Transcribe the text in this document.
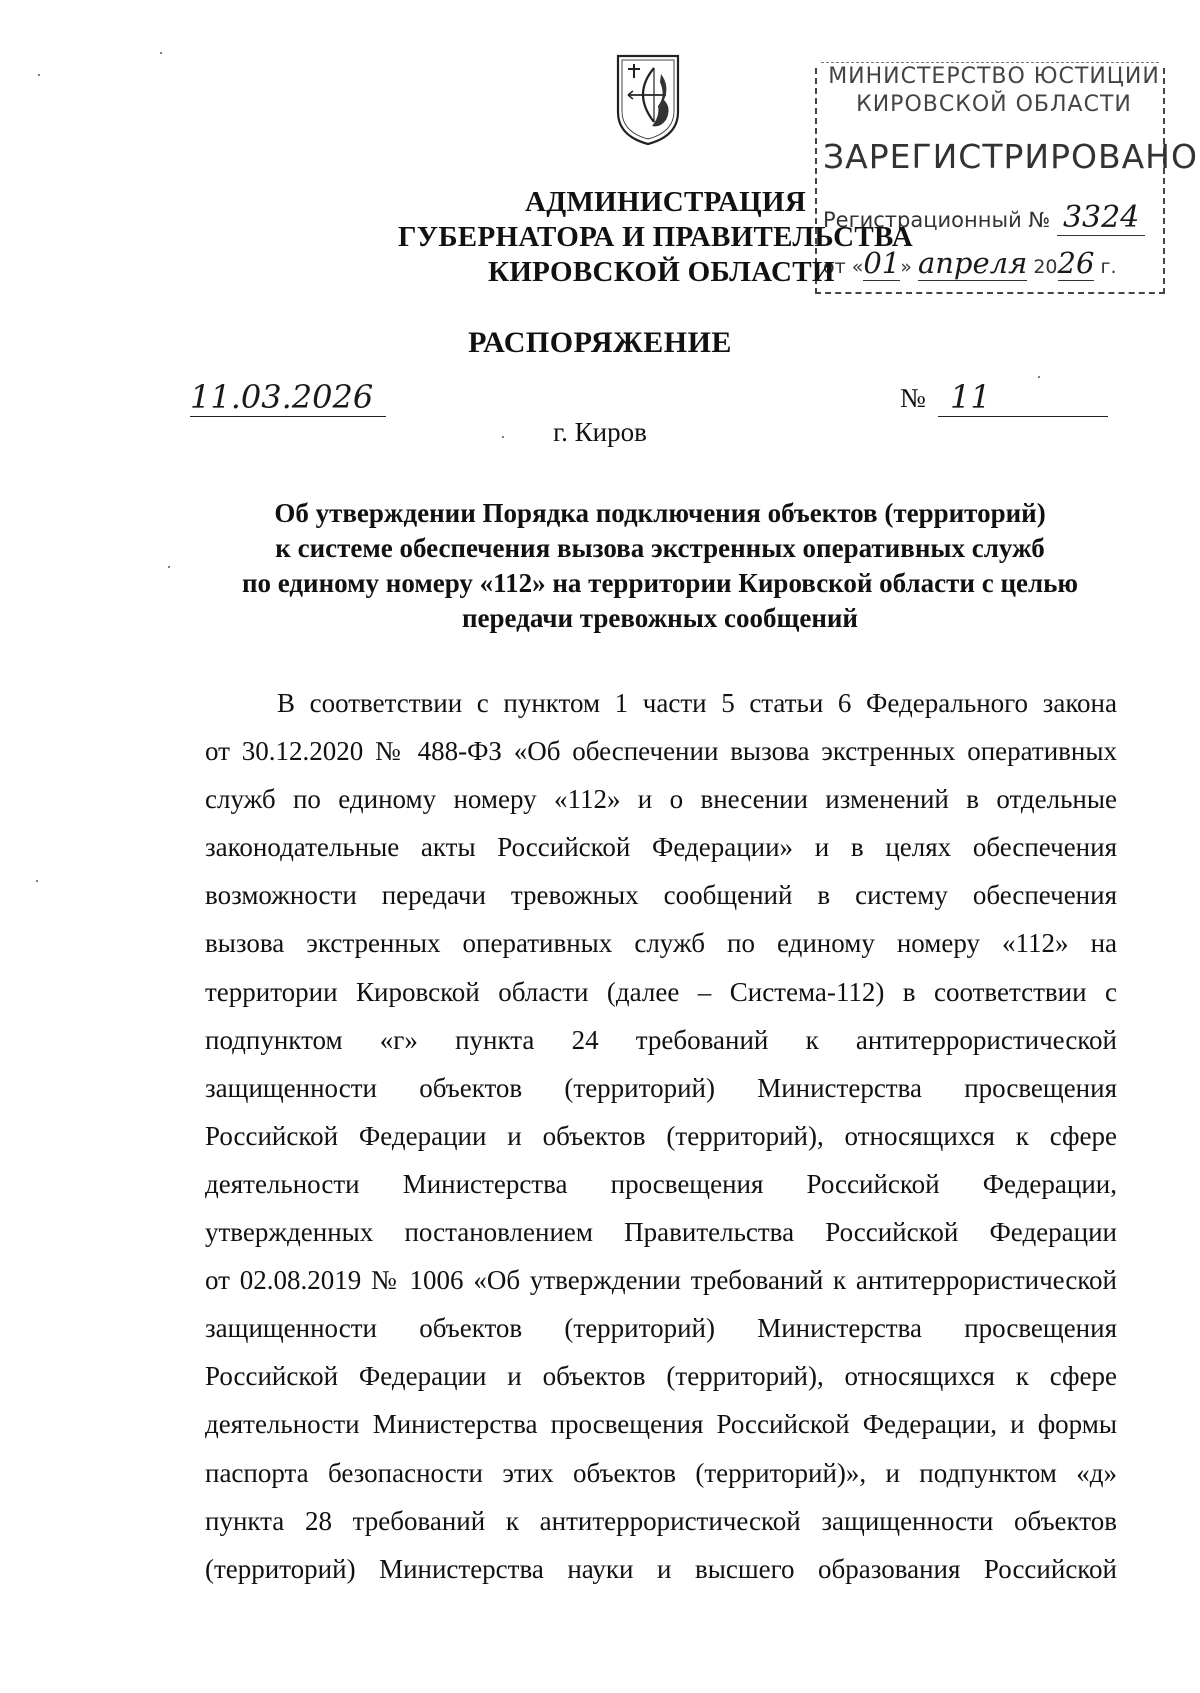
МИНИСТЕРСТВО ЮСТИЦИИ
КИРОВСКОЙ ОБЛАСТИ
ЗАРЕГИСТРИРОВАНО
Регистрационный № 3324
от «01» апреля 2026 г.
АДМИНИСТРАЦИЯ
ГУБЕРНАТОРА И ПРАВИТЕЛЬСТВА
КИРОВСКОЙ ОБЛАСТИ
РАСПОРЯЖЕНИЕ
11.03.2026	№ 11
г. Киров
Об утверждении Порядка подключения объектов (территорий)
к системе обеспечения вызова экстренных оперативных служб
по единому номеру «112» на территории Кировской области с целью
передачи тревожных сообщений
В соответствии с пунктом 1 части 5 статьи 6 Федерального закона
от 30.12.2020 № 488-ФЗ «Об обеспечении вызова экстренных оперативных
служб по единому номеру «112» и о внесении изменений в отдельные
законодательные акты Российской Федерации» и в целях обеспечения
возможности передачи тревожных сообщений в систему обеспечения
вызова экстренных оперативных служб по единому номеру «112» на
территории Кировской области (далее – Система-112) в соответствии с
подпунктом «г» пункта 24 требований к антитеррористической
защищенности объектов (территорий) Министерства просвещения
Российской Федерации и объектов (территорий), относящихся к сфере
деятельности Министерства просвещения Российской Федерации,
утвержденных постановлением Правительства Российской Федерации
от 02.08.2019 № 1006 «Об утверждении требований к антитеррористической
защищенности объектов (территорий) Министерства просвещения
Российской Федерации и объектов (территорий), относящихся к сфере
деятельности Министерства просвещения Российской Федерации, и формы
паспорта безопасности этих объектов (территорий)», и подпунктом «д»
пункта 28 требований к антитеррористической защищенности объектов
(территорий) Министерства науки и высшего образования Российской
